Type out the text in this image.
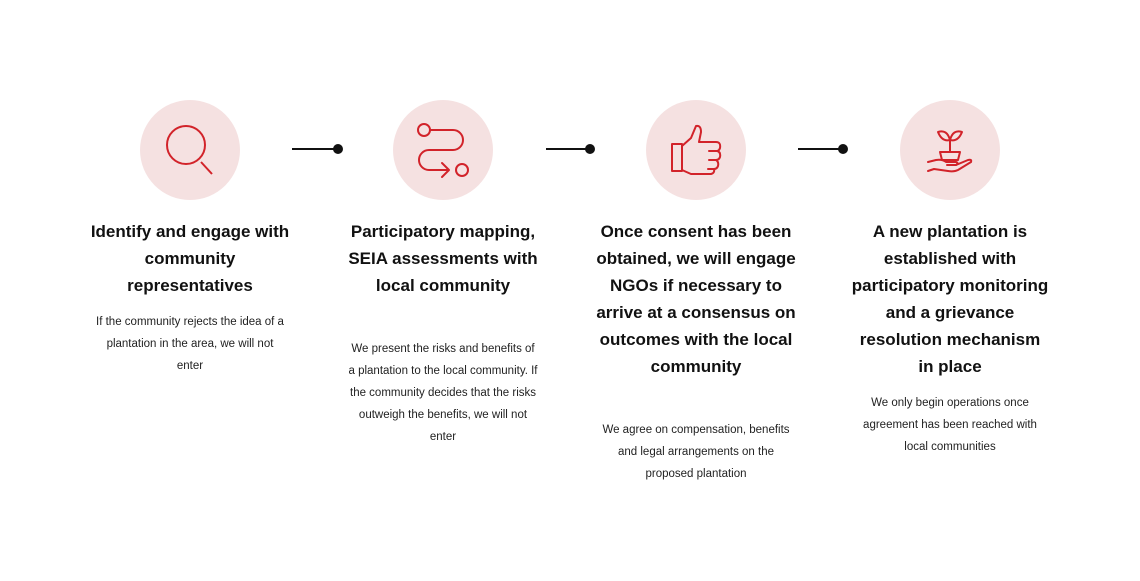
Identify and engage with community representatives
If the community rejects the idea of a plantation in the area, we will not enter
Participatory mapping, SEIA assessments with local community
We present the risks and benefits of a plantation to the local community. If the community decides that the risks outweigh the benefits, we will not enter
Once consent has been obtained, we will engage NGOs if necessary to arrive at a consensus on outcomes with the local community
We agree on compensation, benefits and legal arrangements on the proposed plantation
A new plantation is established with participatory monitoring and a grievance resolution mechanism in place
We only begin operations once agreement has been reached with local communities
